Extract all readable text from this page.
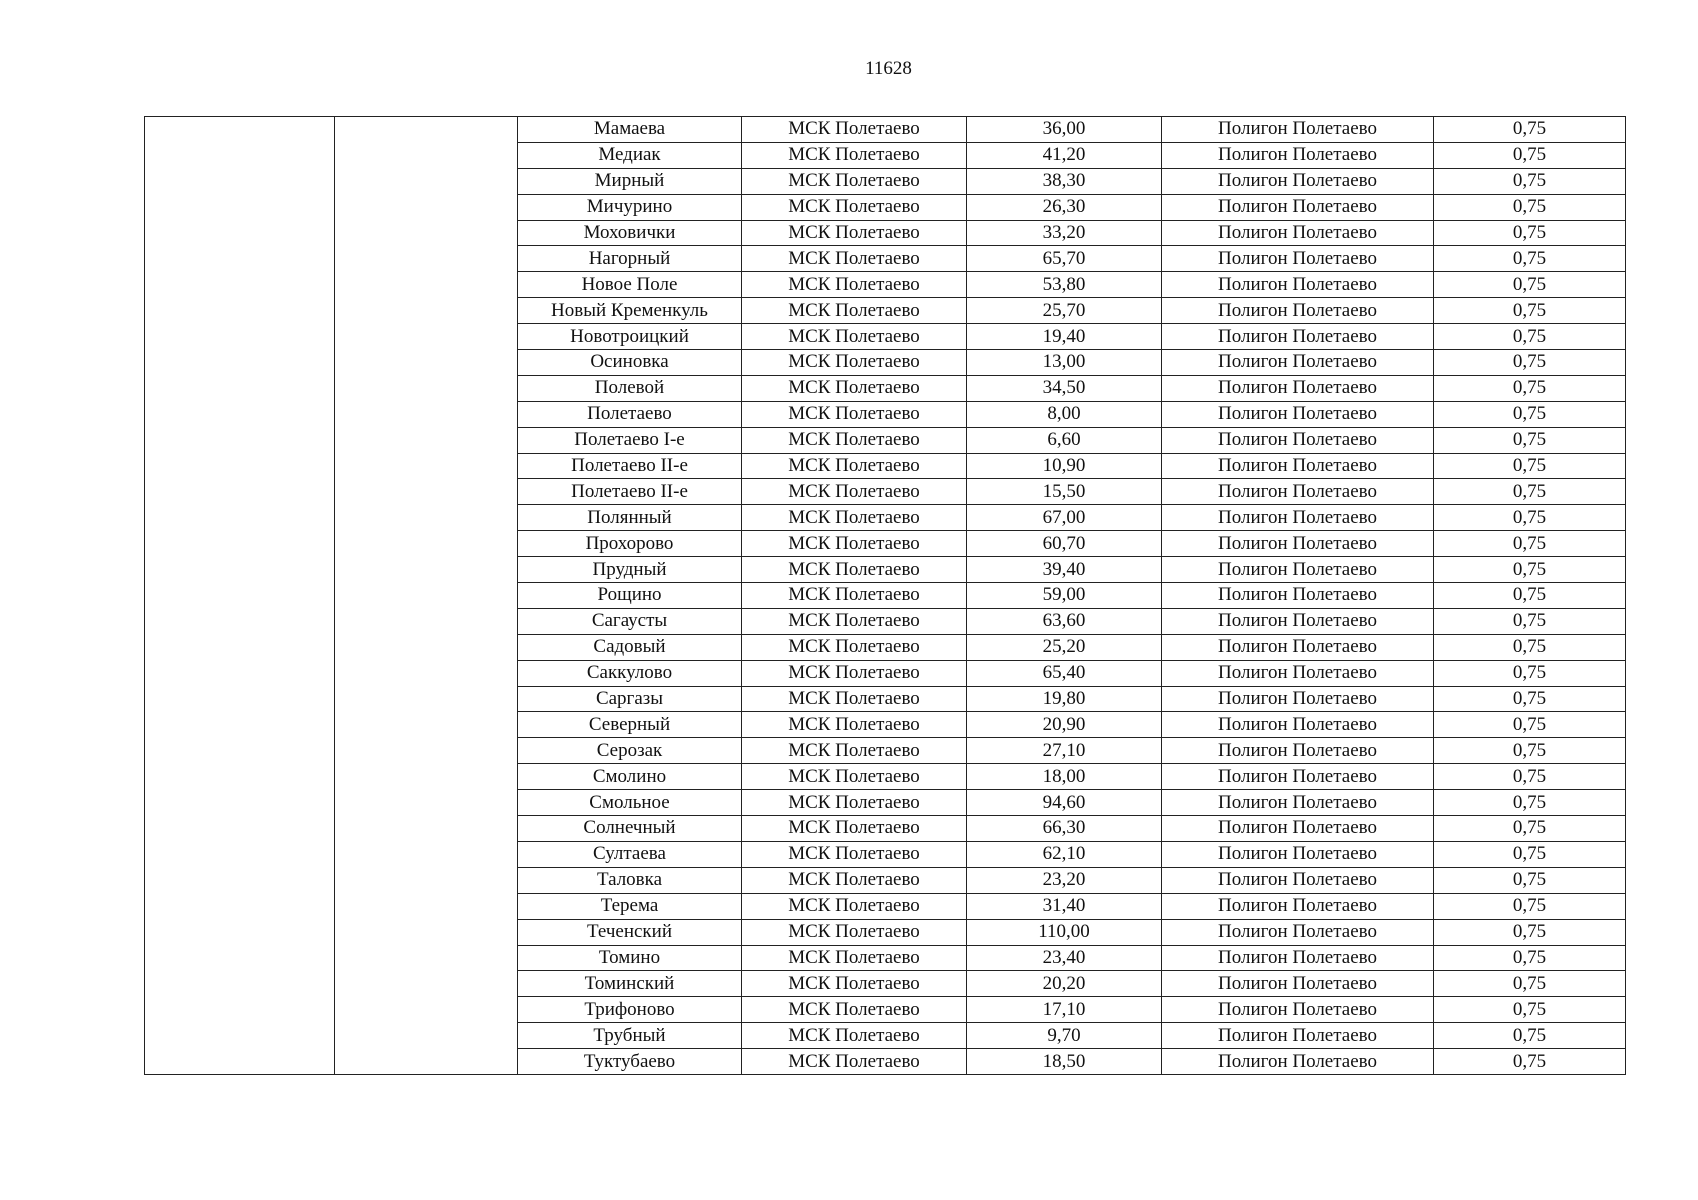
11628
		Мамаева	МСК Полетаево	36,00	Полигон Полетаево	0,75
		Медиак	МСК Полетаево	41,20	Полигон Полетаево	0,75
		Мирный	МСК Полетаево	38,30	Полигон Полетаево	0,75
		Мичурино	МСК Полетаево	26,30	Полигон Полетаево	0,75
		Моховички	МСК Полетаево	33,20	Полигон Полетаево	0,75
		Нагорный	МСК Полетаево	65,70	Полигон Полетаево	0,75
		Новое Поле	МСК Полетаево	53,80	Полигон Полетаево	0,75
		Новый Кременкуль	МСК Полетаево	25,70	Полигон Полетаево	0,75
		Новотроицкий	МСК Полетаево	19,40	Полигон Полетаево	0,75
		Осиновка	МСК Полетаево	13,00	Полигон Полетаево	0,75
		Полевой	МСК Полетаево	34,50	Полигон Полетаево	0,75
		Полетаево	МСК Полетаево	8,00	Полигон Полетаево	0,75
		Полетаево I-е	МСК Полетаево	6,60	Полигон Полетаево	0,75
		Полетаево II-е	МСК Полетаево	10,90	Полигон Полетаево	0,75
		Полетаево II-е	МСК Полетаево	15,50	Полигон Полетаево	0,75
		Полянный	МСК Полетаево	67,00	Полигон Полетаево	0,75
		Прохорово	МСК Полетаево	60,70	Полигон Полетаево	0,75
		Прудный	МСК Полетаево	39,40	Полигон Полетаево	0,75
		Рощино	МСК Полетаево	59,00	Полигон Полетаево	0,75
		Сагаусты	МСК Полетаево	63,60	Полигон Полетаево	0,75
		Садовый	МСК Полетаево	25,20	Полигон Полетаево	0,75
		Саккулово	МСК Полетаево	65,40	Полигон Полетаево	0,75
		Саргазы	МСК Полетаево	19,80	Полигон Полетаево	0,75
		Северный	МСК Полетаево	20,90	Полигон Полетаево	0,75
		Серозак	МСК Полетаево	27,10	Полигон Полетаево	0,75
		Смолино	МСК Полетаево	18,00	Полигон Полетаево	0,75
		Смольное	МСК Полетаево	94,60	Полигон Полетаево	0,75
		Солнечный	МСК Полетаево	66,30	Полигон Полетаево	0,75
		Султаева	МСК Полетаево	62,10	Полигон Полетаево	0,75
		Таловка	МСК Полетаево	23,20	Полигон Полетаево	0,75
		Терема	МСК Полетаево	31,40	Полигон Полетаево	0,75
		Теченский	МСК Полетаево	110,00	Полигон Полетаево	0,75
		Томино	МСК Полетаево	23,40	Полигон Полетаево	0,75
		Томинский	МСК Полетаево	20,20	Полигон Полетаево	0,75
		Трифоново	МСК Полетаево	17,10	Полигон Полетаево	0,75
		Трубный	МСК Полетаево	9,70	Полигон Полетаево	0,75
		Туктубаево	МСК Полетаево	18,50	Полигон Полетаево	0,75
